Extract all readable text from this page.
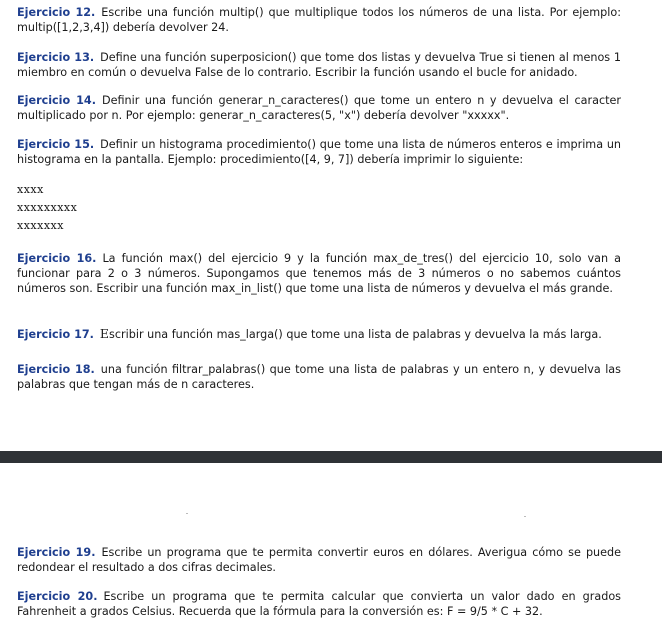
Ejercicio 12. Escribe una función multip() que multiplique todos los números de una lista. Por ejemplo: multip([1,2,3,4]) debería devolver 24.
Ejercicio 13. Define una función superposicion() que tome dos listas y devuelva True si tienen al menos 1 miembro en común o devuelva False de lo contrario. Escribir la función usando el bucle for anidado.
Ejercicio 14. Definir una función generar_n_caracteres() que tome un entero n y devuelva el caracter multiplicado por n. Por ejemplo: generar_n_caracteres(5, "x") debería devolver "xxxxx".
Ejercicio 15. Definir un histograma procedimiento() que tome una lista de números enteros e imprima un histograma en la pantalla. Ejemplo: procedimiento([4, 9, 7]) debería imprimir lo siguiente:
xxxx
xxxxxxxxx
xxxxxxx
Ejercicio 16. La función max() del ejercicio 9 y la función max_de_tres() del ejercicio 10, solo van a funcionar para 2 o 3 números. Supongamos que tenemos más de 3 números o no sabemos cuántos números son. Escribir una función max_in_list() que tome una lista de números y devuelva el más grande.
Ejercicio 17. Escribir una función mas_larga() que tome una lista de palabras y devuelva la más larga.
Ejercicio 18. una función filtrar_palabras() que tome una lista de palabras y un entero n, y devuelva las palabras que tengan más de n caracteres.
Ejercicio 19. Escribe un programa que te permita convertir euros en dólares. Averigua cómo se puede redondear el resultado a dos cifras decimales.
Ejercicio 20. Escribe un programa que te permita calcular que convierta un valor dado en grados Fahrenheit a grados Celsius. Recuerda que la fórmula para la conversión es: F = 9/5 * C + 32.
